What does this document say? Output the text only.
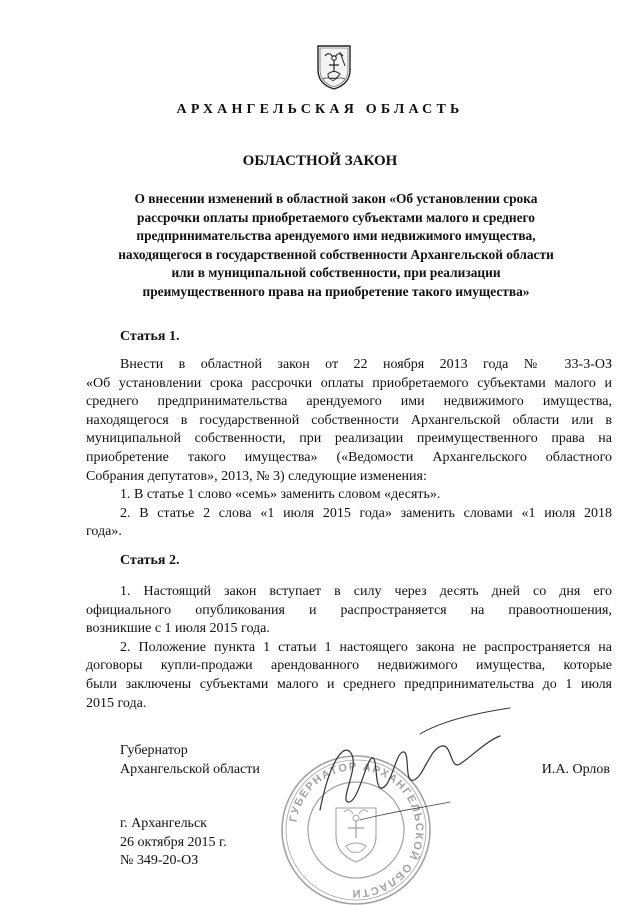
АРХАНГЕЛЬСКАЯ ОБЛАСТЬ
ОБЛАСТНОЙ ЗАКОН
О внесении изменений в областной закон «Об установлении срока
рассрочки оплаты приобретаемого субъектами малого и среднего
предпринимательства арендуемого ими недвижимого имущества,
находящегося в государственной собственности Архангельской области
или в муниципальной собственности, при реализации
преимущественного права на приобретение такого имущества»
Статья 1.
Внести в областной закон от 22 ноября 2013 года № 33-3-ОЗ
«Об установлении срока рассрочки оплаты приобретаемого субъектами малого и
среднего предпринимательства арендуемого ими недвижимого имущества,
находящегося в государственной собственности Архангельской области или в
муниципальной собственности, при реализации преимущественного права на
приобретение такого имущества» («Ведомости Архангельского областного
Собрания депутатов», 2013, № 3) следующие изменения:
1. В статье 1 слово «семь» заменить словом «десять».
2. В статье 2 слова «1 июля 2015 года» заменить словами «1 июля 2018
года».
Статья 2.
1. Настоящий закон вступает в силу через десять дней со дня его
официального опубликования и распространяется на правоотношения,
возникшие с 1 июля 2015 года.
2. Положение пункта 1 статьи 1 настоящего закона не распространяется на
договоры купли-продажи арендованного недвижимого имущества, которые
были заключены субъектами малого и среднего предпринимательства до 1 июля
2015 года.
Губернатор
Архангельской области	И.А. Орлов
ГУБЕРНАТОР АРХАНГЕЛЬСКОЙ ОБЛАСТИ
г. Архангельск
26 октября 2015 г.
№ 349-20-ОЗ
